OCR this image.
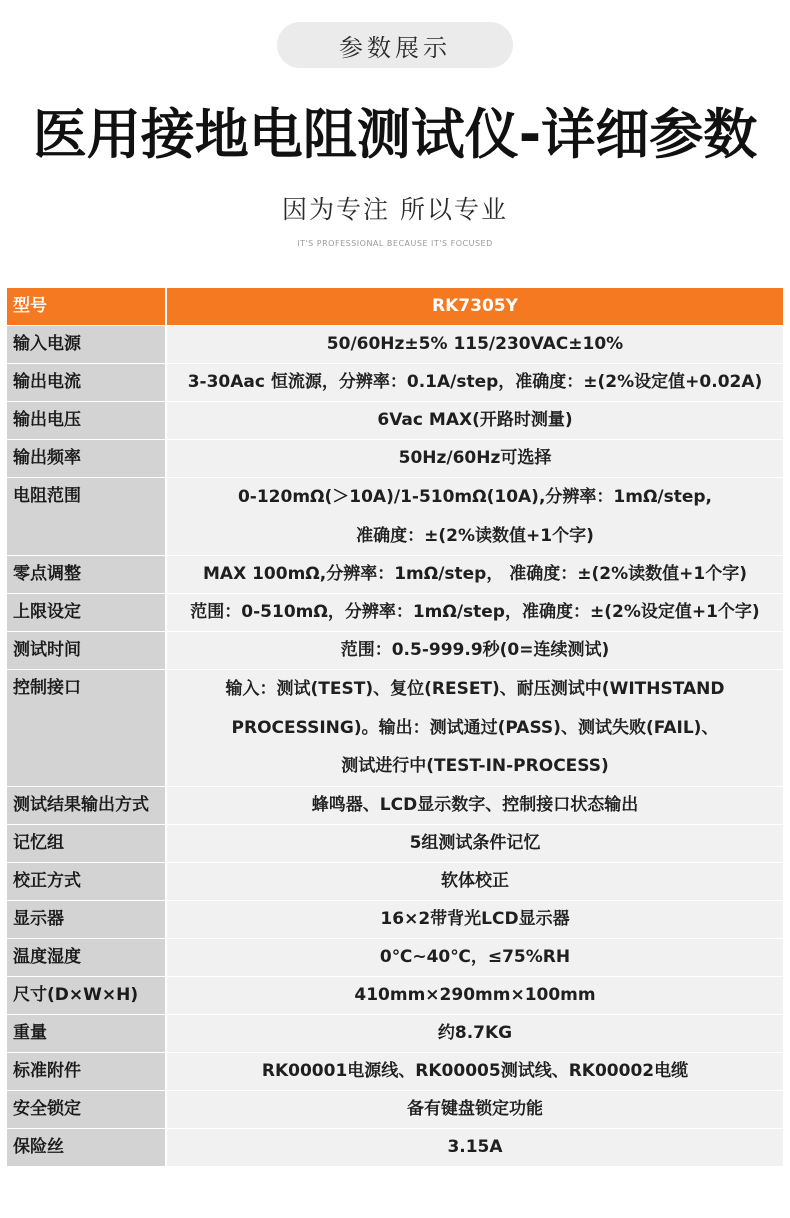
参数展示
医用接地电阻测试仪-详细参数
因为专注 所以专业
IT'S PROFESSIONAL BECAUSE IT'S FOCUSED
型号	RK7305Y
输入电源	50/60Hz±5% 115/230VAC±10%
输出电流	3-30Aac 恒流源，分辨率：0.1A/step，准确度：±(2%设定值+0.02A)
输出电压	6Vac MAX(开路时测量)
输出频率	50Hz/60Hz可选择
电阻范围	0-120mΩ(＞10A)/1-510mΩ(10A),分辨率：1mΩ/step,
准确度：±(2%读数值+1个字)
零点调整	MAX 100mΩ,分辨率：1mΩ/step， 准确度：±(2%读数值+1个字)
上限设定	范围：0-510mΩ，分辨率：1mΩ/step，准确度：±(2%设定值+1个字)
测试时间	范围：0.5-999.9秒(0=连续测试)
控制接口	输入：测试(TEST)、复位(RESET)、耐压测试中(WITHSTAND
PROCESSING)。输出：测试通过(PASS)、测试失败(FAIL)、
测试进行中(TEST-IN-PROCESS)
测试结果输出方式	蜂鸣器、LCD显示数字、控制接口状态输出
记忆组	5组测试条件记忆
校正方式	软体校正
显示器	16×2带背光LCD显示器
温度湿度	0℃~40℃，≤75%RH
尺寸(D×W×H)	410mm×290mm×100mm
重量	约8.7KG
标准附件	RK00001电源线、RK00005测试线、RK00002电缆
安全锁定	备有键盘锁定功能
保险丝	3.15A
